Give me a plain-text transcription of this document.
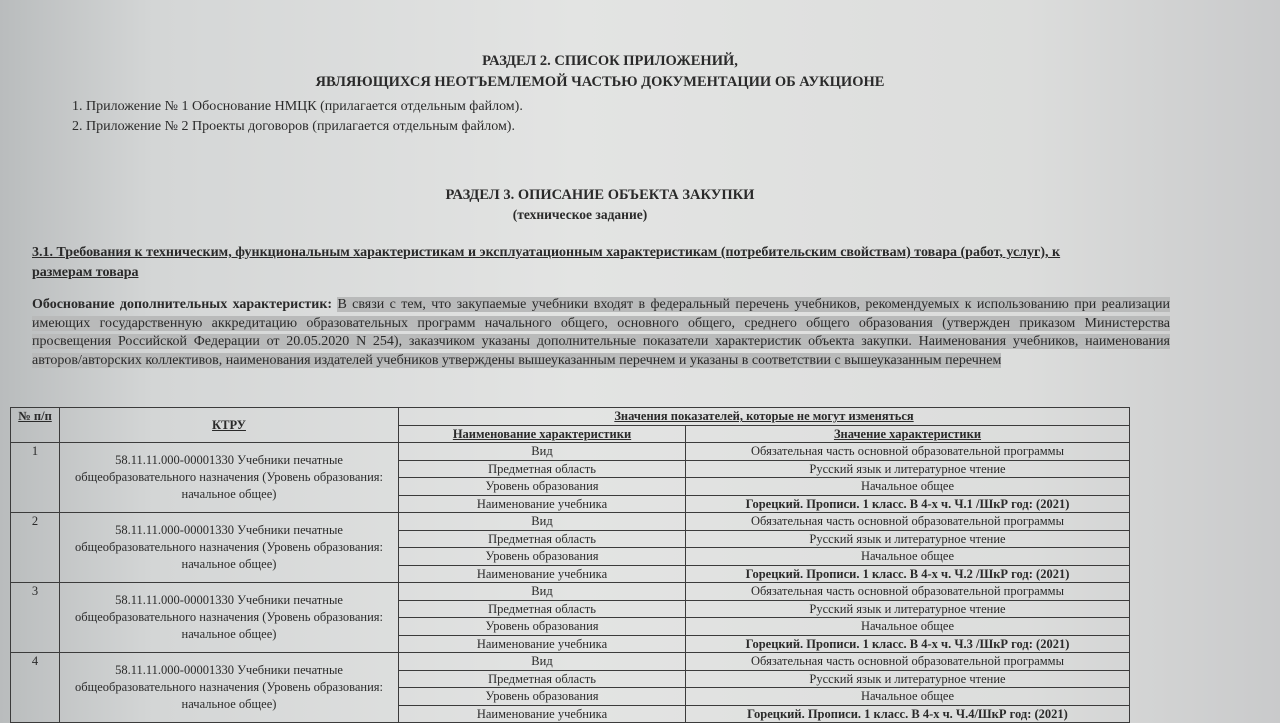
РАЗДЕЛ 2. СПИСОК ПРИЛОЖЕНИЙ,
ЯВЛЯЮЩИХСЯ НЕОТЪЕМЛЕМОЙ ЧАСТЬЮ ДОКУМЕНТАЦИИ ОБ АУКЦИОНЕ
1. Приложение № 1 Обоснование НМЦК (прилагается отдельным файлом).
2. Приложение № 2 Проекты договоров (прилагается отдельным файлом).
РАЗДЕЛ 3. ОПИСАНИЕ ОБЪЕКТА ЗАКУПКИ
(техническое задание)
3.1. Требования к техническим, функциональным характеристикам и эксплуатационным характеристикам (потребительским свойствам) товара (работ, услуг), к размерам товара
Обоснование дополнительных характеристик: В связи с тем, что закупаемые учебники входят в федеральный перечень учебников, рекомендуемых к использованию при реализации имеющих государственную аккредитацию образовательных программ начального общего, основного общего, среднего общего образования (утвержден приказом Министерства просвещения Российской Федерации от 20.05.2020 N 254), заказчиком указаны дополнительные показатели характеристик объекта закупки. Наименования учебников, наименования авторов/авторских коллективов, наименования издателей учебников утверждены вышеуказанным перечнем и указаны в соответствии с вышеуказанным перечнем
№ п/п	КТРУ	Значения показателей, которые не могут изменяться	
		Наименование характеристики	Значение характеристики
1	58.11.11.000-00001330 Учебники печатные общеобразовательного назначения (Уровень образования: начальное общее)	Вид	Обязательная часть основной образовательной программы
		Предметная область	Русский язык и литературное чтение
		Уровень образования	Начальное общее
		Наименование учебника	Горецкий. Прописи. 1 класс. В 4-х ч. Ч.1 /ШкР год: (2021)
2	58.11.11.000-00001330 Учебники печатные общеобразовательного назначения (Уровень образования: начальное общее)	Вид	Обязательная часть основной образовательной программы
		Предметная область	Русский язык и литературное чтение
		Уровень образования	Начальное общее
		Наименование учебника	Горецкий. Прописи. 1 класс. В 4-х ч. Ч.2 /ШкР год: (2021)
3	58.11.11.000-00001330 Учебники печатные общеобразовательного назначения (Уровень образования: начальное общее)	Вид	Обязательная часть основной образовательной программы
		Предметная область	Русский язык и литературное чтение
		Уровень образования	Начальное общее
		Наименование учебника	Горецкий. Прописи. 1 класс. В 4-х ч. Ч.3 /ШкР год: (2021)
4	58.11.11.000-00001330 Учебники печатные общеобразовательного назначения (Уровень образования: начальное общее)	Вид	Обязательная часть основной образовательной программы
		Предметная область	Русский язык и литературное чтение
		Уровень образования	Начальное общее
		Наименование учебника	Горецкий. Прописи. 1 класс. В 4-х ч. Ч.4/ШкР год: (2021)
